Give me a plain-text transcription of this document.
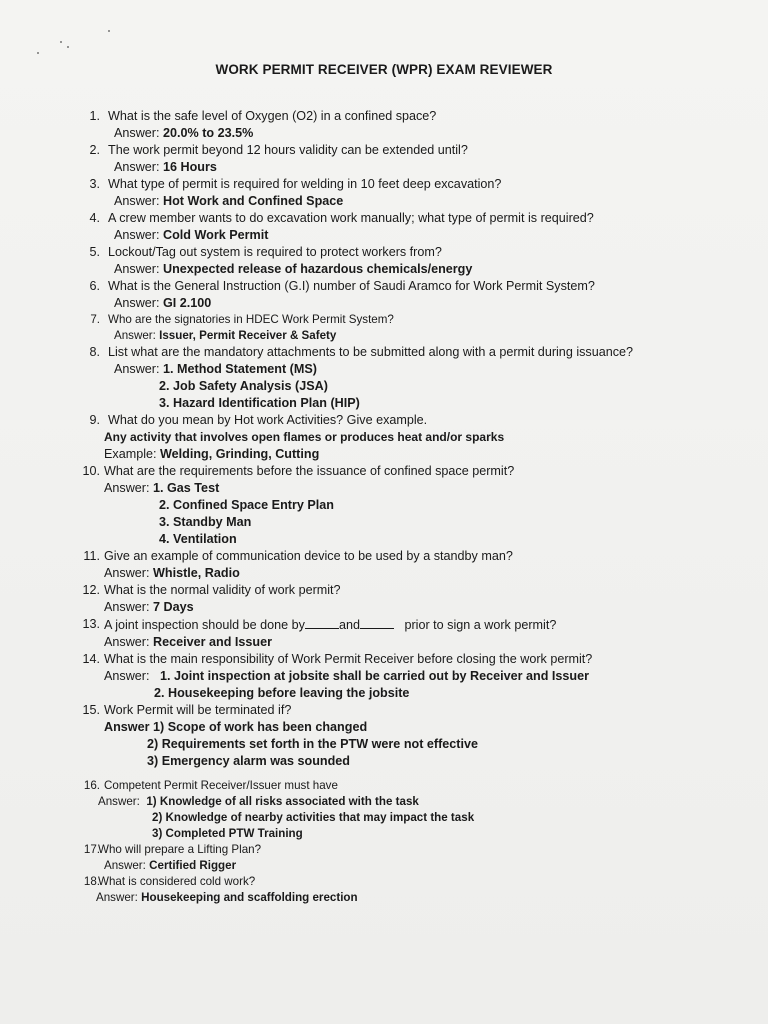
WORK PERMIT RECEIVER (WPR) EXAM REVIEWER
1. What is the safe level of Oxygen (O2) in a confined space?
Answer: 20.0% to 23.5%
2. The work permit beyond 12 hours validity can be extended until?
Answer: 16 Hours
3. What type of permit is required for welding in 10 feet deep excavation?
Answer: Hot Work and Confined Space
4. A crew member wants to do excavation work manually; what type of permit is required?
Answer: Cold Work Permit
5. Lockout/Tag out system is required to protect workers from?
Answer: Unexpected release of hazardous chemicals/energy
6. What is the General Instruction (G.I) number of Saudi Aramco for Work Permit System?
Answer: GI 2.100
7. Who are the signatories in HDEC Work Permit System?
Answer: Issuer, Permit Receiver & Safety
8. List what are the mandatory attachments to be submitted along with a permit during issuance?
Answer: 1. Method Statement (MS)
2. Job Safety Analysis (JSA)
3. Hazard Identification Plan (HIP)
9. What do you mean by Hot work Activities? Give example.
Any activity that involves open flames or produces heat and/or sparks
Example: Welding, Grinding, Cutting
10. What are the requirements before the issuance of confined space permit?
Answer: 1. Gas Test
2. Confined Space Entry Plan
3. Standby Man
4. Ventilation
11. Give an example of communication device to be used by a standby man?
Answer: Whistle, Radio
12. What is the normal validity of work permit?
Answer: 7 Days
13. A joint inspection should be done by	and	prior to sign a work permit?
Answer: Receiver and Issuer
14. What is the main responsibility of Work Permit Receiver before closing the work permit?
Answer: 1. Joint inspection at jobsite shall be carried out by Receiver and Issuer
2. Housekeeping before leaving the jobsite
15. Work Permit will be terminated if?
Answer 1) Scope of work has been changed
2) Requirements set forth in the PTW were not effective
3) Emergency alarm was sounded
16. Competent Permit Receiver/Issuer must have
Answer: 1) Knowledge of all risks associated with the task
2) Knowledge of nearby activities that may impact the task
3) Completed PTW Training
17.
Who will prepare a Lifting Plan?
Answer: Certified Rigger
18.
What is considered cold work?
Answer: Housekeeping and scaffolding erection
